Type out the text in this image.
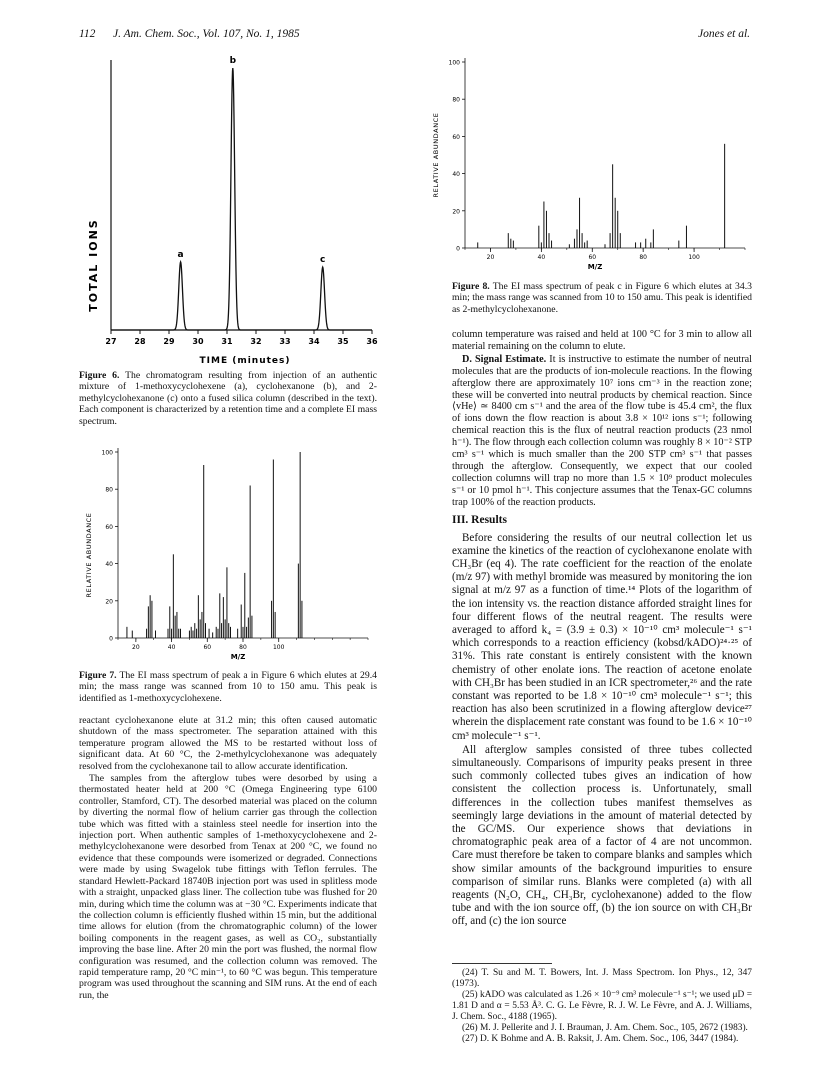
112 J. Am. Chem. Soc., Vol. 107, No. 1, 1985	Jones et al.
TOTAL IONS
27 28 29 30 31 32 33 34 35 36
a
b
c
TIME (minutes)
Figure 6. The chromatogram resulting from injection of an authentic mixture of 1-methoxycyclohexene (a), cyclohexanone (b), and 2-methylcyclohexanone (c) onto a fused silica column (described in the text). Each component is characterized by a retention time and a complete EI mass spectrum.
RELATIVE ABUNDANCE
0
20
40
60
80
100
20	40	60	80	100
M/Z
Figure 7. The EI mass spectrum of peak a in Figure 6 which elutes at 29.4 min; the mass range was scanned from 10 to 150 amu. This peak is identified as 1-methoxycyclohexene.

reactant cyclohexanone elute at 31.2 min; this often caused automatic shutdown of the mass spectrometer. The separation attained with this temperature program allowed the MS to be restarted without loss of significant data. At 60 °C, the 2-methylcyclohexanone was adequately resolved from the cyclohexanone tail to allow accurate identification.

The samples from the afterglow tubes were desorbed by using a thermostated heater held at 200 °C (Omega Engineering type 6100 controller, Stamford, CT). The desorbed material was placed on the column by diverting the normal flow of helium carrier gas through the collection tube which was fitted with a stainless steel needle for insertion into the injection port. When authentic samples of 1-methoxycyclohexene and 2-methylcyclohexanone were desorbed from Tenax at 200 °C, we found no evidence that these compounds were isomerized or degraded. Connections were made by using Swagelok tube fittings with Teflon ferrules. The standard Hewlett-Packard 18740B injection port was used in splitless mode with a straight, unpacked glass liner. The collection tube was flushed for 20 min, during which time the column was at −30 °C. Experiments indicate that the collection column is efficiently flushed within 15 min, but the additional time allows for elution (from the chromatographic column) of the lower boiling components in the reagent gases, as well as CO₂, substantially improving the base line. After 20 min the port was flushed, the normal flow configuration was resumed, and the collection column was removed. The rapid temperature ramp, 20 °C min⁻¹, to 60 °C was begun. This temperature program was used throughout the scanning and SIM runs. At the end of each run, the

RELATIVE ABUNDANCE
0
20
40
60
80
100
20	40	60	80	100
M/Z
Figure 8. The EI mass spectrum of peak c in Figure 6 which elutes at 34.3 min; the mass range was scanned from 10 to 150 amu. This peak is identified as 2-methylcyclohexanone.

column temperature was raised and held at 100 °C for 3 min to allow all material remaining on the column to elute.

D. Signal Estimate. It is instructive to estimate the number of neutral molecules that are the products of ion-molecule reactions. In the flowing afterglow there are approximately 10⁷ ions cm⁻³ in the reaction zone; these will be converted into neutral products by chemical reaction. Since ⟨vHe⟩ ≃ 8400 cm s⁻¹ and the area of the flow tube is 45.4 cm², the flux of ions down the flow reaction is about 3.8 × 10¹² ions s⁻¹; following chemical reaction this is the flux of neutral reaction products (23 nmol h⁻¹). The flow through each collection column was roughly 8 × 10⁻² STP cm³ s⁻¹ which is much smaller than the 200 STP cm³ s⁻¹ that passes through the afterglow. Consequently, we expect that our cooled collection columns will trap no more than 1.5 × 10⁹ product molecules s⁻¹ or 10 pmol h⁻¹. This conjecture assumes that the Tenax-GC columns trap 100% of the reaction products.

III. Results

Before considering the results of our neutral collection let us examine the kinetics of the reaction of cyclohexanone enolate with CH₃Br (eq 4). The rate coefficient for the reaction of the enolate (m/z 97) with methyl bromide was measured by monitoring the ion signal at m/z 97 as a function of time.¹⁴ Plots of the logarithm of the ion intensity vs. the reaction distance afforded straight lines for four different flows of the neutral reagent. The results were averaged to afford k₄ = (3.9 ± 0.3) × 10⁻¹⁰ cm³ molecule⁻¹ s⁻¹ which corresponds to a reaction efficiency (kobsd/kADO)²⁴·²⁵ of 31%. This rate constant is entirely consistent with the known chemistry of other enolate ions. The reaction of acetone enolate with CH₃Br has been studied in an ICR spectrometer,²⁶ and the rate constant was reported to be 1.8 × 10⁻¹⁰ cm³ molecule⁻¹ s⁻¹; this reaction has also been scrutinized in a flowing afterglow device²⁷ wherein the displacement rate constant was found to be 1.6 × 10⁻¹⁰ cm³ molecule⁻¹ s⁻¹.

All afterglow samples consisted of three tubes collected simultaneously. Comparisons of impurity peaks present in three such commonly collected tubes gives an indication of how consistent the collection process is. Unfortunately, small differences in the collection tubes manifest themselves as seemingly large deviations in the amount of material detected by the GC/MS. Our experience shows that deviations in chromatographic peak area of a factor of 4 are not uncommon. Care must therefore be taken to compare blanks and samples which show similar amounts of the background impurities to ensure comparison of similar runs. Blanks were completed (a) with all reagents (N₂O, CH₄, CH₃Br, cyclohexanone) added to the flow tube and with the ion source off, (b) the ion source on with CH₃Br off, and (c) the ion source

(24) T. Su and M. T. Bowers, Int. J. Mass Spectrom. Ion Phys., 12, 347 (1973).

(25) kADO was calculated as 1.26 × 10⁻⁹ cm³ molecule⁻¹ s⁻¹; we used μD = 1.81 D and α = 5.53 Å³. C. G. Le Fèvre, R. J. W. Le Fèvre, and A. J. Williams, J. Chem. Soc., 4188 (1965).

(26) M. J. Pellerite and J. I. Brauman, J. Am. Chem. Soc., 105, 2672 (1983).

(27) D. K Bohme and A. B. Raksit, J. Am. Chem. Soc., 106, 3447 (1984).
